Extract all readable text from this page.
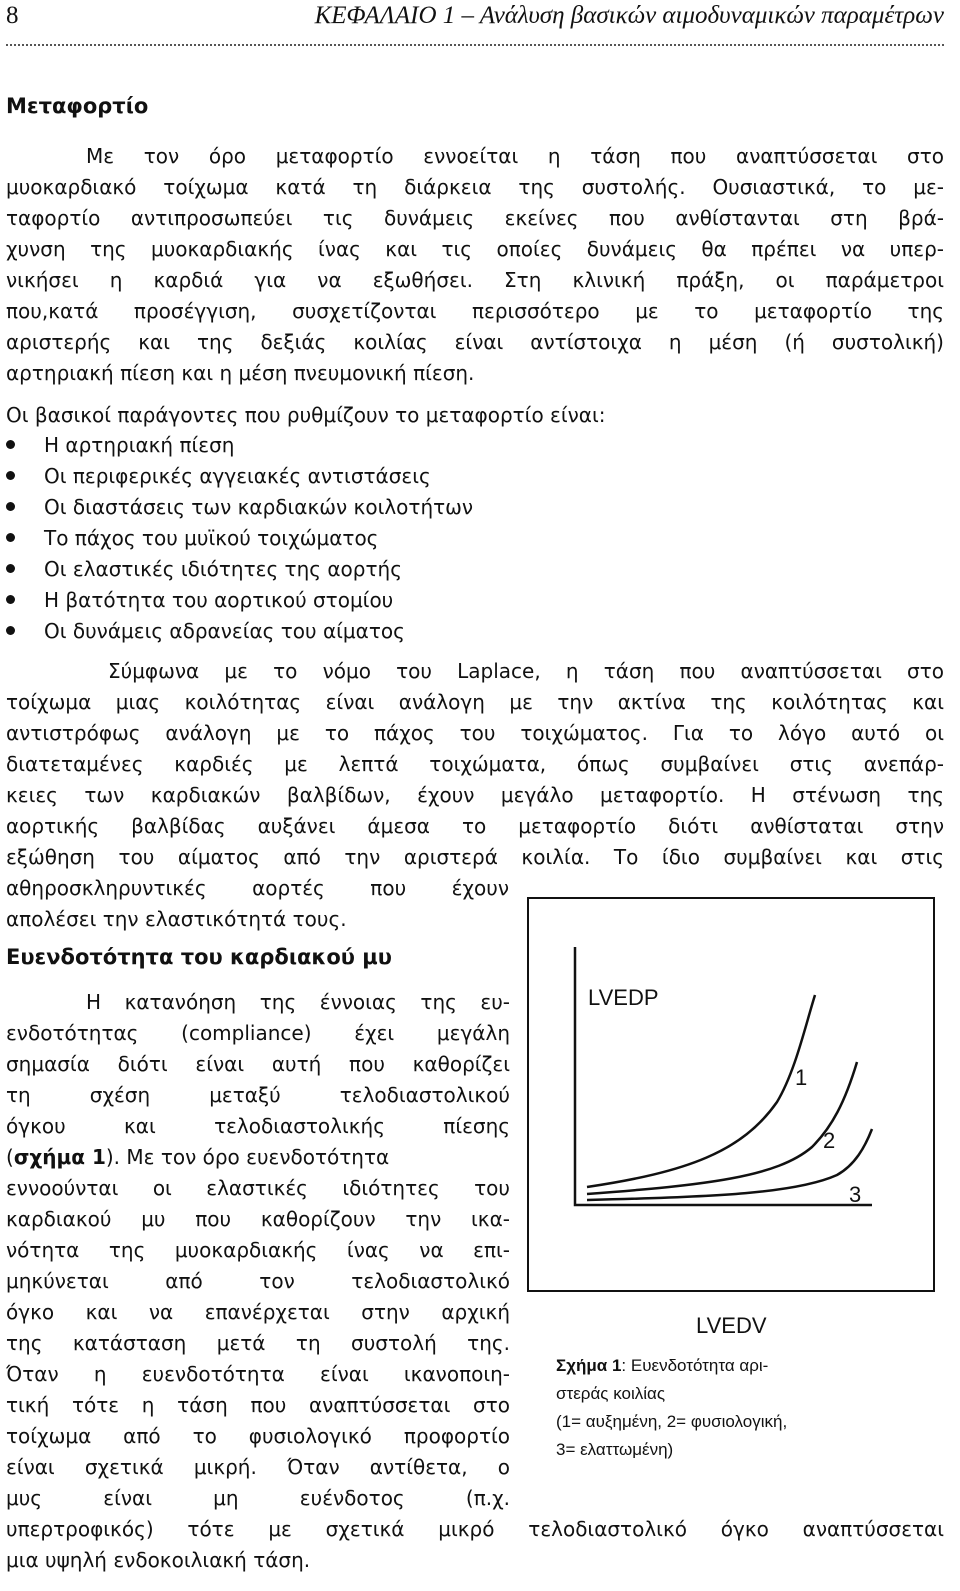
8	ΚΕΦΑΛΑΙΟ 1 – Ανάλυση βασικών αιμοδυναμικών παραμέτρων
Μεταφορτίο
Με τον όρο μεταφορτίο εννοείται η τάση που αναπτύσσεται στο
μυοκαρδιακό τοίχωμα κατά τη διάρκεια της συστολής. Ουσιαστικά, το με-
ταφορτίο αντιπροσωπεύει τις δυνάμεις εκείνες που ανθίστανται στη βρά-
χυνση της μυοκαρδιακής ίνας και τις οποίες δυνάμεις θα πρέπει να υπερ-
νικήσει η καρδιά για να εξωθήσει. Στη κλινική πράξη, οι παράμετροι
που,κατά προσέγγιση, συσχετίζονται περισσότερο με το μεταφορτίο της
αριστερής και της δεξιάς κοιλίας είναι αντίστοιχα η μέση (ή συστολική)
αρτηριακή πίεση και η μέση πνευμονική πίεση.
Οι βασικοί παράγοντες που ρυθμίζουν το μεταφορτίο είναι:
Η αρτηριακή πίεση
Οι περιφερικές αγγειακές αντιστάσεις
Οι διαστάσεις των καρδιακών κοιλοτήτων
Το πάχος του μυϊκού τοιχώματος
Οι ελαστικές ιδιότητες της αορτής
Η βατότητα του αορτικού στομίου
Οι δυνάμεις αδρανείας του αίματος
Σύμφωνα με το νόμο του Laplace, η τάση που αναπτύσσεται στο
τοίχωμα μιας κοιλότητας είναι ανάλογη με την ακτίνα της κοιλότητας και
αντιστρόφως ανάλογη με το πάχος του τοιχώματος. Για το λόγο αυτό οι
διατεταμένες καρδιές με λεπτά τοιχώματα, όπως συμβαίνει στις ανεπάρ-
κειες των καρδιακών βαλβίδων, έχουν μεγάλο μεταφορτίο. Η στένωση της
αορτικής βαλβίδας αυξάνει άμεσα το μεταφορτίο διότι ανθίσταται στην
εξώθηση του αίματος από την αριστερά κοιλία. Το ίδιο συμβαίνει και στις
αθηροσκληρυντικές αορτές που έχουν
απολέσει την ελαστικότητά τους.
Ευενδοτότητα του καρδιακού μυ
Η κατανόηση της έννοιας της ευ-
ενδοτότητας (compliance) έχει μεγάλη
σημασία διότι είναι αυτή που καθορίζει
τη σχέση μεταξύ τελοδιαστολικού
όγκου και τελοδιαστολικής πίεσης
(σχήμα 1). Με τον όρο ευενδοτότητα
εννοούνται οι ελαστικές ιδιότητες του
καρδιακού μυ που καθορίζουν την ικα-
νότητα της μυοκαρδιακής ίνας να επι-
μηκύνεται από τον τελοδιαστολικό
όγκο και να επανέρχεται στην αρχική
της κατάσταση μετά τη συστολή της.
Όταν η ευενδοτότητα είναι ικανοποιη-
τική τότε η τάση που αναπτύσσεται στο
τοίχωμα από το φυσιολογικό προφορτίο
είναι σχετικά μικρή. Όταν αντίθετα, ο
μυς είναι μη ευένδοτος (π.χ.
υπερτροφικός) τότε με σχετικά μικρό τελοδιαστολικό όγκο αναπτύσσεται
μια υψηλή ενδοκοιλιακή τάση.
LVEDP
LVEDV
1
2
3
Σχήμα 1: Ευενδοτότητα αρι-
στεράς κοιλίας
(1= αυξημένη, 2= φυσιολογική,
3= ελαττωμένη)
